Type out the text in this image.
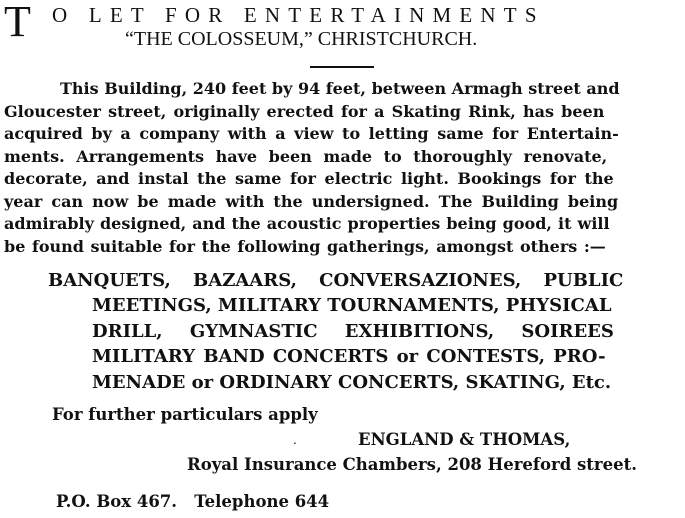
T O LET FOR ENTERTAINMENTS
“THE COLOSSEUM,” CHRISTCHURCH.
This Building, 240 feet by 94 feet, between Armagh street and
Gloucester street, originally erected for a Skating Rink, has been
acquired by a company with a view to letting same for Entertain-
ments. Arrangements have been made to thoroughly renovate,
decorate, and instal the same for electric light. Bookings for the
year can now be made with the undersigned. The Building being
admirably designed, and the acoustic properties being good, it will
be found suitable for the following gatherings, amongst others :—
BANQUETS, BAZAARS, CONVERSAZIONES, PUBLIC
MEETINGS, MILITARY TOURNAMENTS, PHYSICAL
DRILL, GYMNASTIC EXHIBITIONS, SOIREES
MILITARY BAND CONCERTS or CONTESTS, PRO-
MENADE or ORDINARY CONCERTS, SKATING, Etc.
For further particulars apply
.	ENGLAND & THOMAS,
Royal Insurance Chambers, 208 Hereford street.
P.O. Box 467.   Telephone 644
